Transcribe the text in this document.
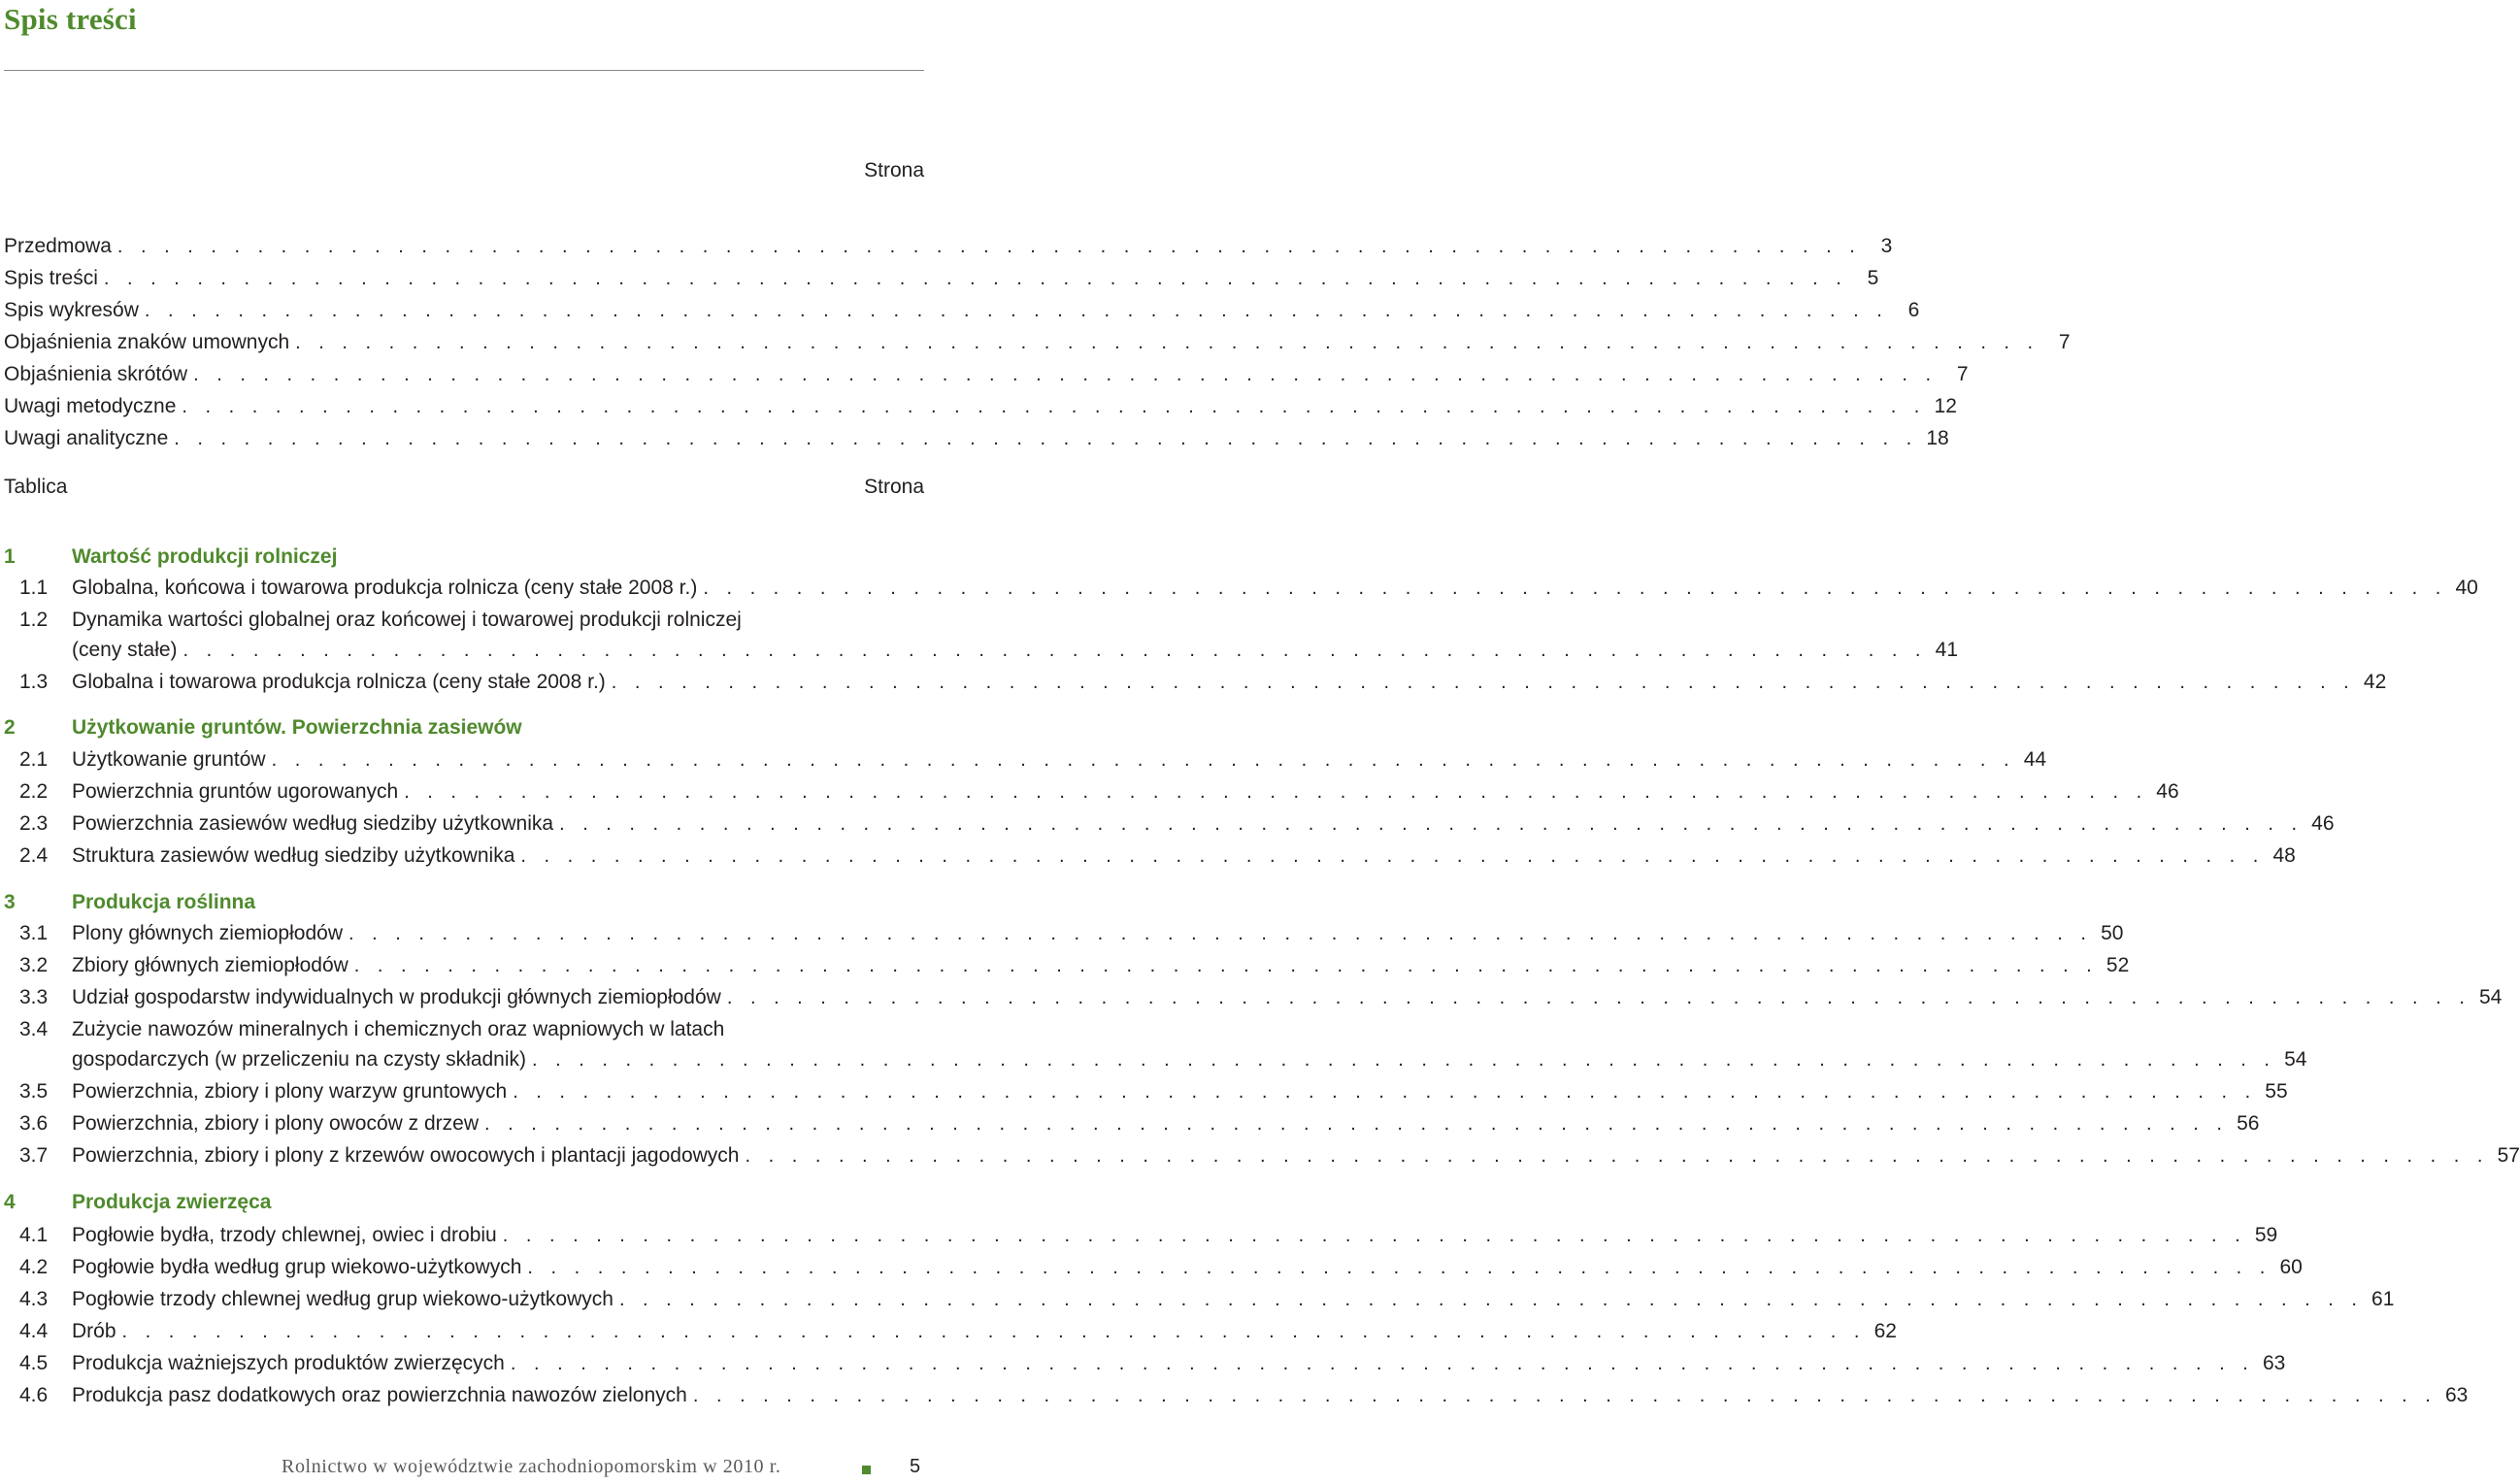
Spis treści
Strona
Przedmowa . . . . . . . . . . . . . . . . . . . . . . . . . . . . . . . . . . . . . . . . . . . . . . . . . . . . . . . . . . . . . . . . . . . . . . . . . . . 3
Spis treści . . . . . . . . . . . . . . . . . . . . . . . . . . . . . . . . . . . . . . . . . . . . . . . . . . . . . . . . . . . . . . . . . . . . . . . . . . . 5
Spis wykresów . . . . . . . . . . . . . . . . . . . . . . . . . . . . . . . . . . . . . . . . . . . . . . . . . . . . . . . . . . . . . . . . . . . . . . . . . . . 6
Objaśnienia znaków umownych . . . . . . . . . . . . . . . . . . . . . . . . . . . . . . . . . . . . . . . . . . . . . . . . . . . . . . . . . . . . . . . . . . . . . . . . . . . 7
Objaśnienia skrótów . . . . . . . . . . . . . . . . . . . . . . . . . . . . . . . . . . . . . . . . . . . . . . . . . . . . . . . . . . . . . . . . . . . . . . . . . . . 7
Uwagi metodyczne . . . . . . . . . . . . . . . . . . . . . . . . . . . . . . . . . . . . . . . . . . . . . . . . . . . . . . . . . . . . . . . . . . . . . . . . . . . 12
Uwagi analityczne . . . . . . . . . . . . . . . . . . . . . . . . . . . . . . . . . . . . . . . . . . . . . . . . . . . . . . . . . . . . . . . . . . . . . . . . . . . 18
Tablica	Strona
1	Wartość produkcji rolniczej
1.1	Globalna, końcowa i towarowa produkcja rolnicza (ceny stałe 2008 r.) . . . . . . . . . . . . . . . . . . . . . . . . . . . . . . . . . . . . . . . . . . . . . . . . . . . . . . . . . . . . . . . . . . . . . . . . . . . 40
1.2	Dynamika wartości globalnej oraz końcowej i towarowej produkcji rolniczej
(ceny stałe) . . . . . . . . . . . . . . . . . . . . . . . . . . . . . . . . . . . . . . . . . . . . . . . . . . . . . . . . . . . . . . . . . . . . . . . . . . . 41
1.3	Globalna i towarowa produkcja rolnicza (ceny stałe 2008 r.) . . . . . . . . . . . . . . . . . . . . . . . . . . . . . . . . . . . . . . . . . . . . . . . . . . . . . . . . . . . . . . . . . . . . . . . . . . . 42
2	Użytkowanie gruntów. Powierzchnia zasiewów
2.1	Użytkowanie gruntów . . . . . . . . . . . . . . . . . . . . . . . . . . . . . . . . . . . . . . . . . . . . . . . . . . . . . . . . . . . . . . . . . . . . . . . . . . . 44
2.2	Powierzchnia gruntów ugorowanych . . . . . . . . . . . . . . . . . . . . . . . . . . . . . . . . . . . . . . . . . . . . . . . . . . . . . . . . . . . . . . . . . . . . . . . . . . . 46
2.3	Powierzchnia zasiewów według siedziby użytkownika . . . . . . . . . . . . . . . . . . . . . . . . . . . . . . . . . . . . . . . . . . . . . . . . . . . . . . . . . . . . . . . . . . . . . . . . . . . 46
2.4	Struktura zasiewów według siedziby użytkownika . . . . . . . . . . . . . . . . . . . . . . . . . . . . . . . . . . . . . . . . . . . . . . . . . . . . . . . . . . . . . . . . . . . . . . . . . . . 48
3	Produkcja roślinna
3.1	Plony głównych ziemiopłodów . . . . . . . . . . . . . . . . . . . . . . . . . . . . . . . . . . . . . . . . . . . . . . . . . . . . . . . . . . . . . . . . . . . . . . . . . . . 50
3.2	Zbiory głównych ziemiopłodów . . . . . . . . . . . . . . . . . . . . . . . . . . . . . . . . . . . . . . . . . . . . . . . . . . . . . . . . . . . . . . . . . . . . . . . . . . . 52
3.3	Udział gospodarstw indywidualnych w produkcji głównych ziemiopłodów . . . . . . . . . . . . . . . . . . . . . . . . . . . . . . . . . . . . . . . . . . . . . . . . . . . . . . . . . . . . . . . . . . . . . . . . . . . 54
3.4	Zużycie nawozów mineralnych i chemicznych oraz wapniowych w latach
gospodarczych (w przeliczeniu na czysty składnik) . . . . . . . . . . . . . . . . . . . . . . . . . . . . . . . . . . . . . . . . . . . . . . . . . . . . . . . . . . . . . . . . . . . . . . . . . . . 54
3.5	Powierzchnia, zbiory i plony warzyw gruntowych . . . . . . . . . . . . . . . . . . . . . . . . . . . . . . . . . . . . . . . . . . . . . . . . . . . . . . . . . . . . . . . . . . . . . . . . . . . 55
3.6	Powierzchnia, zbiory i plony owoców z drzew . . . . . . . . . . . . . . . . . . . . . . . . . . . . . . . . . . . . . . . . . . . . . . . . . . . . . . . . . . . . . . . . . . . . . . . . . . . 56
3.7	Powierzchnia, zbiory i plony z krzewów owocowych i plantacji jagodowych . . . . . . . . . . . . . . . . . . . . . . . . . . . . . . . . . . . . . . . . . . . . . . . . . . . . . . . . . . . . . . . . . . . . . . . . . . . 57
4	Produkcja zwierzęca
4.1	Pogłowie bydła, trzody chlewnej, owiec i drobiu . . . . . . . . . . . . . . . . . . . . . . . . . . . . . . . . . . . . . . . . . . . . . . . . . . . . . . . . . . . . . . . . . . . . . . . . . . . 59
4.2	Pogłowie bydła według grup wiekowo-użytkowych . . . . . . . . . . . . . . . . . . . . . . . . . . . . . . . . . . . . . . . . . . . . . . . . . . . . . . . . . . . . . . . . . . . . . . . . . . . 60
4.3	Pogłowie trzody chlewnej według grup wiekowo-użytkowych . . . . . . . . . . . . . . . . . . . . . . . . . . . . . . . . . . . . . . . . . . . . . . . . . . . . . . . . . . . . . . . . . . . . . . . . . . . 61
4.4	Drób . . . . . . . . . . . . . . . . . . . . . . . . . . . . . . . . . . . . . . . . . . . . . . . . . . . . . . . . . . . . . . . . . . . . . . . . . . . 62
4.5	Produkcja ważniejszych produktów zwierzęcych . . . . . . . . . . . . . . . . . . . . . . . . . . . . . . . . . . . . . . . . . . . . . . . . . . . . . . . . . . . . . . . . . . . . . . . . . . . 63
4.6	Produkcja pasz dodatkowych oraz powierzchnia nawozów zielonych . . . . . . . . . . . . . . . . . . . . . . . . . . . . . . . . . . . . . . . . . . . . . . . . . . . . . . . . . . . . . . . . . . . . . . . . . . . 63
Rolnictwo w województwie zachodniopomorskim w 2010 r.	5
